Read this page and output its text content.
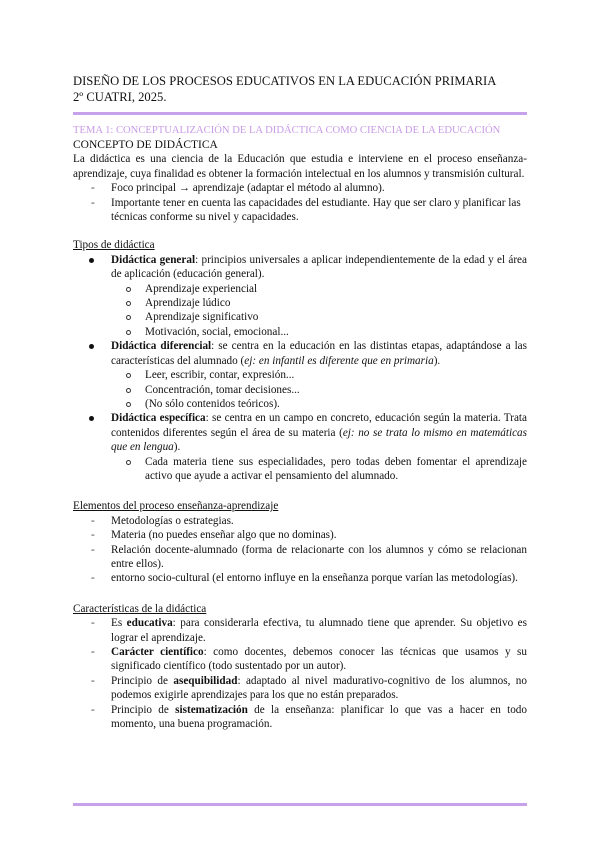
DISEÑO DE LOS PROCESOS EDUCATIVOS EN LA EDUCACIÓN PRIMARIA
2º CUATRI, 2025.
TEMA 1: CONCEPTUALIZACIÓN DE LA DIDÁCTICA COMO CIENCIA DE LA EDUCACIÓN
CONCEPTO DE DIDÁCTICA
La didáctica es una ciencia de la Educación que estudia e interviene en el proceso enseñanza-aprendizaje, cuya finalidad es obtener la formación intelectual en los alumnos y transmisión cultural.
- Foco principal → aprendizaje (adaptar el método al alumno).
- Importante tener en cuenta las capacidades del estudiante. Hay que ser claro y planificar las técnicas conforme su nivel y capacidades.
Tipos de didáctica
Didáctica general: principios universales a aplicar independientemente de la edad y el área de aplicación (educación general).
Aprendizaje experiencial
Aprendizaje lúdico
Aprendizaje significativo
Motivación, social, emocional...
Didáctica diferencial: se centra en la educación en las distintas etapas, adaptándose a las características del alumnado (ej: en infantil es diferente que en primaria).
Leer, escribir, contar, expresión...
Concentración, tomar decisiones...
(No sólo contenidos teóricos).
Didáctica específica: se centra en un campo en concreto, educación según la materia. Trata contenidos diferentes según el área de su materia (ej: no se trata lo mismo en matemáticas que en lengua).
Cada materia tiene sus especialidades, pero todas deben fomentar el aprendizaje activo que ayude a activar el pensamiento del alumnado.
Elementos del proceso enseñanza-aprendizaje
- Metodologías o estrategias.
- Materia (no puedes enseñar algo que no dominas).
- Relación docente-alumnado (forma de relacionarte con los alumnos y cómo se relacionan entre ellos).
- entorno socio-cultural (el entorno influye en la enseñanza porque varían las metodologías).
Características de la didáctica
- Es educativa: para considerarla efectiva, tu alumnado tiene que aprender. Su objetivo es lograr el aprendizaje.
- Carácter científico: como docentes, debemos conocer las técnicas que usamos y su significado científico (todo sustentado por un autor).
- Principio de asequibilidad: adaptado al nivel madurativo-cognitivo de los alumnos, no podemos exigirle aprendizajes para los que no están preparados.
- Principio de sistematización de la enseñanza: planificar lo que vas a hacer en todo momento, una buena programación.
